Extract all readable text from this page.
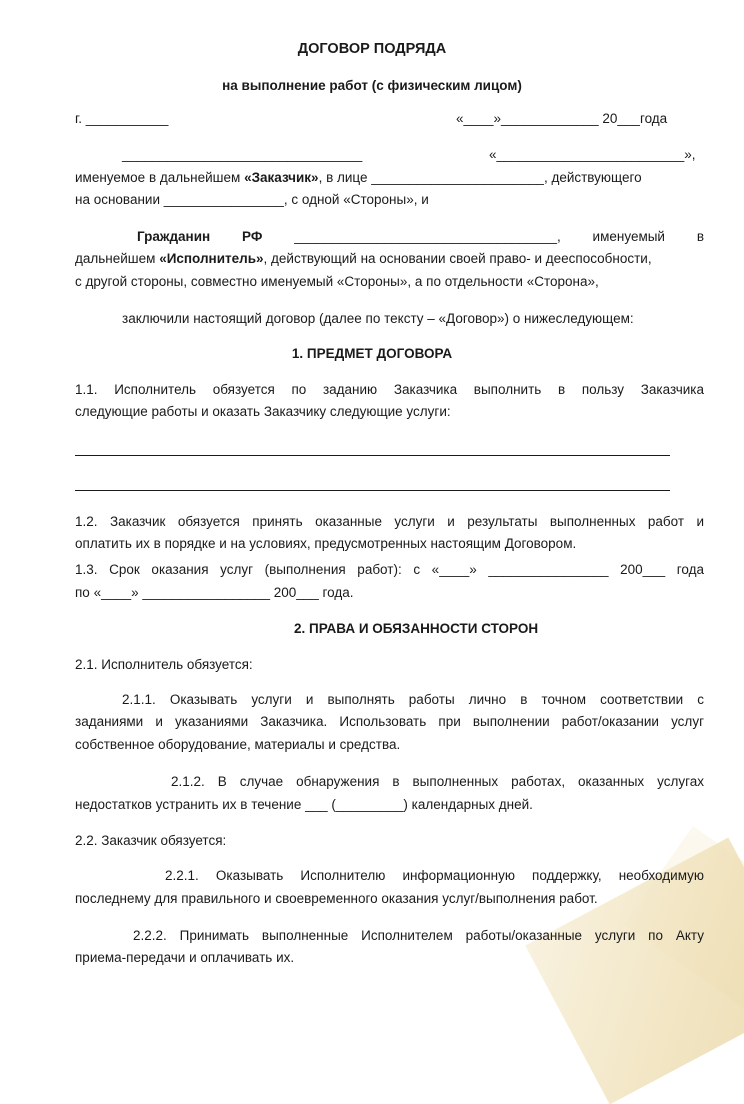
ДОГОВОР ПОДРЯДА
на выполнение работ (с физическим лицом)
г. ___________	«____»_____________ 20___года
________________________________	«_________________________»,
именуемое в дальнейшем «Заказчик», в лице _______________________, действующего
на основании ________________, с одной «Стороны», и
Гражданин РФ ___________________________________, именуемый в
дальнейшем «Исполнитель», действующий на основании своей право- и дееспособности,
с другой стороны, совместно именуемый «Стороны», а по отдельности «Сторона»,
заключили настоящий договор (далее по тексту – «Договор») о нижеследующем:
1. ПРЕДМЕТ ДОГОВОРА
1.1. Исполнитель обязуется по заданию Заказчика выполнить в пользу Заказчика
следующие работы и оказать Заказчику следующие услуги:
1.2. Заказчик обязуется принять оказанные услуги и результаты выполненных работ и
оплатить их в порядке и на условиях, предусмотренных настоящим Договором.
1.3. Срок оказания услуг (выполнения работ): с «____» ________________ 200___ года
по «____» _________________ 200___ года.
2. ПРАВА И ОБЯЗАННОСТИ СТОРОН
2.1. Исполнитель обязуется:
2.1.1. Оказывать услуги и выполнять работы лично в точном соответствии с
заданиями и указаниями Заказчика. Использовать при выполнении работ/оказании услуг
собственное оборудование, материалы и средства.
2.1.2. В случае обнаружения в выполненных работах, оказанных услугах
недостатков устранить их в течение ___ (_________) календарных дней.
2.2. Заказчик обязуется:
2.2.1. Оказывать Исполнителю информационную поддержку, необходимую
последнему для правильного и своевременного оказания услуг/выполнения работ.
2.2.2. Принимать выполненные Исполнителем работы/оказанные услуги по Акту
приема-передачи и оплачивать их.
